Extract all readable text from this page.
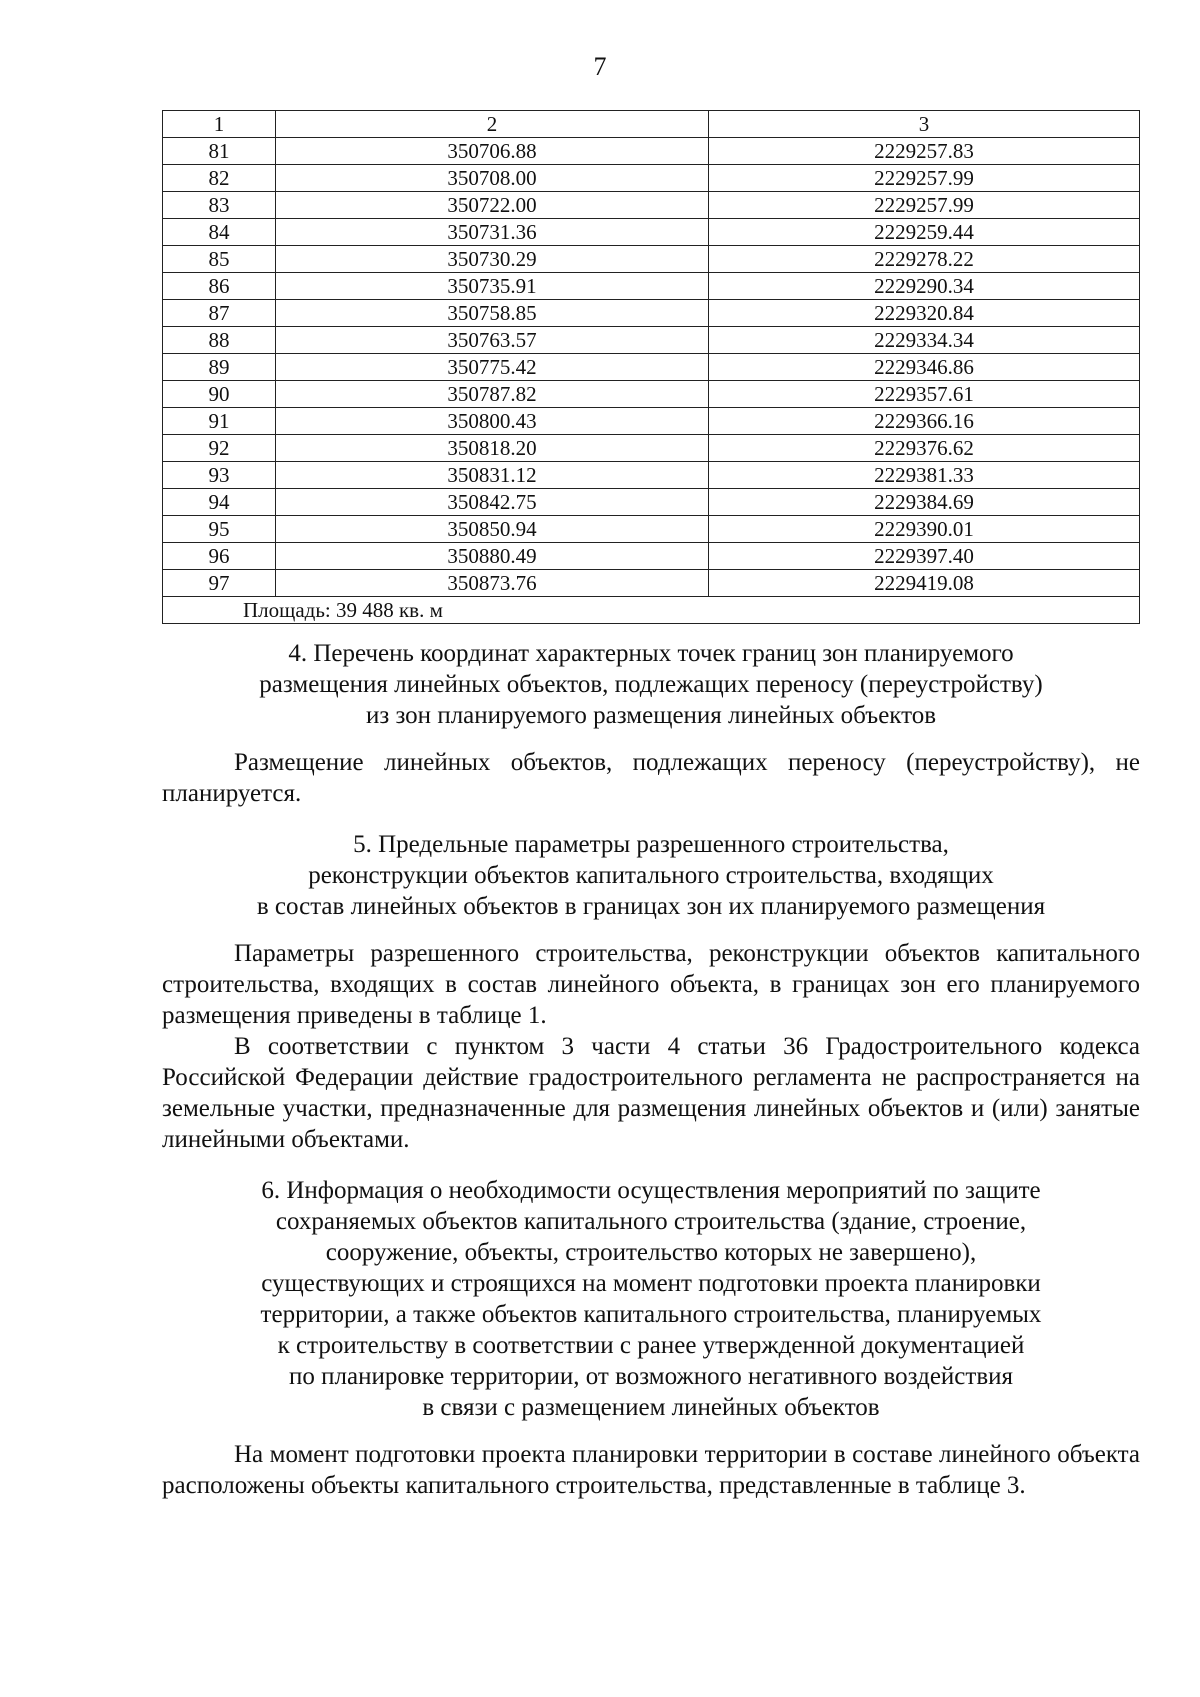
7
1	2	3
81	350706.88	2229257.83
82	350708.00	2229257.99
83	350722.00	2229257.99
84	350731.36	2229259.44
85	350730.29	2229278.22
86	350735.91	2229290.34
87	350758.85	2229320.84
88	350763.57	2229334.34
89	350775.42	2229346.86
90	350787.82	2229357.61
91	350800.43	2229366.16
92	350818.20	2229376.62
93	350831.12	2229381.33
94	350842.75	2229384.69
95	350850.94	2229390.01
96	350880.49	2229397.40
97	350873.76	2229419.08
Площадь: 39 488 кв. м		
4. Перечень координат характерных точек границ зон планируемого
размещения линейных объектов, подлежащих переносу (переустройству)
из зон планируемого размещения линейных объектов

Размещение линейных объектов, подлежащих переносу (переустройству), не планируется.

5. Предельные параметры разрешенного строительства,
реконструкции объектов капитального строительства, входящих
в состав линейных объектов в границах зон их планируемого размещения

Параметры разрешенного строительства, реконструкции объектов капитального строительства, входящих в состав линейного объекта, в границах зон его планируемого размещения приведены в таблице 1.

В соответствии с пунктом 3 части 4 статьи 36 Градостроительного кодекса Российской Федерации действие градостроительного регламента не распространяется на земельные участки, предназначенные для размещения линейных объектов и (или) занятые линейными объектами.

6. Информация о необходимости осуществления мероприятий по защите
сохраняемых объектов капитального строительства (здание, строение,
сооружение, объекты, строительство которых не завершено),
существующих и строящихся на момент подготовки проекта планировки
территории, а также объектов капитального строительства, планируемых
к строительству в соответствии с ранее утвержденной документацией
по планировке территории, от возможного негативного воздействия
в связи с размещением линейных объектов

На момент подготовки проекта планировки территории в составе линейного объекта расположены объекты капитального строительства, представленные в таблице 3.
